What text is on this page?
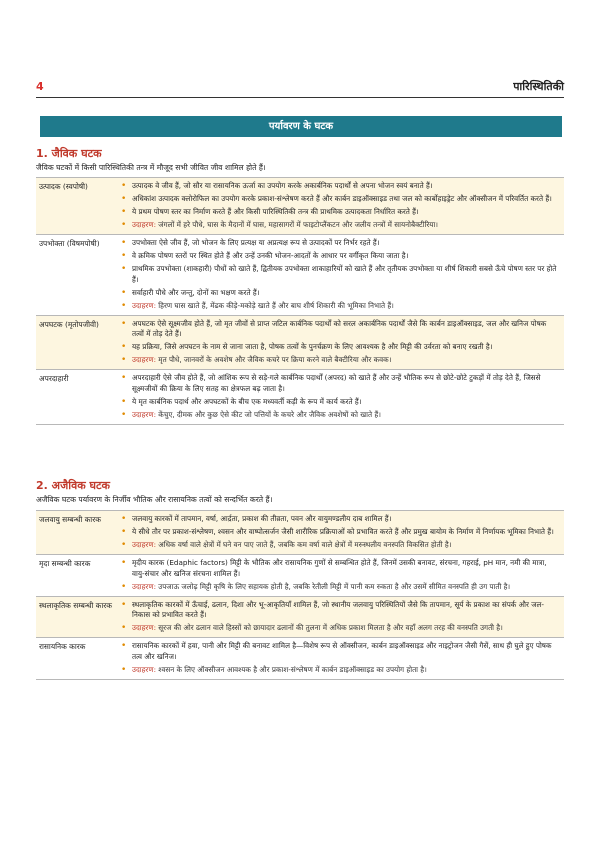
4	पारिस्थितिकी
पर्यावरण के घटक
1. जैविक घटक
जैविक घटकों में किसी पारिस्थितिकी तन्त्र में मौजूद सभी जीवित जीव शामिल होते हैं।
उत्पादक (स्वपोषी)	• उत्पादक वे जीव हैं, जो सौर या रासायनिक ऊर्जा का उपयोग करके अकार्बनिक पदार्थों से अपना भोजन स्वयं बनाते हैं।
• अधिकांश उत्पादक क्लोरोफिल का उपयोग करके प्रकाश-संश्लेषण करते हैं और कार्बन डाइऑक्साइड तथा जल को कार्बोहाइड्रेट और ऑक्सीजन में परिवर्तित करते हैं।
• ये प्रथम पोषण स्तर का निर्माण करते हैं और किसी पारिस्थितिकी तन्त्र की प्राथमिक उत्पादकता निर्धारित करते हैं।
• उदाहरण: जंगलों में हरे पौधे, घास के मैदानों में घास, महासागरों में फाइटोप्लैंकटन और जलीय तन्त्रों में सायनोबैक्टीरिया।
उपभोक्ता (विषमपोषी)	• उपभोक्ता ऐसे जीव हैं, जो भोजन के लिए प्रत्यक्ष या अप्रत्यक्ष रूप से उत्पादकों पर निर्भर रहते हैं।
• वे क्रमिक पोषण स्तरों पर स्थित होते हैं और उन्हें उनकी भोजन-आदतों के आधार पर वर्गीकृत किया जाता है।
• प्राथमिक उपभोक्ता (शाकहारी) पौधों को खाते हैं, द्वितीयक उपभोक्ता शाकाहारियों को खाते हैं और तृतीयक उपभोक्ता या शीर्ष शिकारी सबसे ऊँचे पोषण स्तर पर होते हैं।
• सर्वाहारी पौधे और जन्तु, दोनों का भक्षण करते हैं।
• उदाहरण: हिरण घास खाते हैं, मेंढक कीड़े-मकोड़े खाते हैं और बाघ शीर्ष शिकारी की भूमिका निभाते हैं।
अपघटक (मृतोपजीवी)	• अपघटक ऐसे सूक्ष्मजीव होते हैं, जो मृत जीवों से प्राप्त जटिल कार्बनिक पदार्थों को सरल अकार्बनिक पदार्थों जैसे कि कार्बन डाइऑक्साइड, जल और खनिज पोषक तत्वों में तोड़ देते हैं।
• यह प्रक्रिया, जिसे अपघटन के नाम से जाना जाता है, पोषक तत्वों के पुनर्चक्रण के लिए आवश्यक है और मिट्टी की उर्वरता को बनाए रखती है।
• उदाहरण: मृत पौधे, जानवरों के अवशेष और जैविक कचरे पर क्रिया करने वाले बैक्टीरिया और कवक।
अपरदाहारी	• अपरदाहारी ऐसे जीव होते हैं, जो आंशिक रूप से सड़े-गले कार्बनिक पदार्थों (अपरद) को खाते हैं और उन्हें भौतिक रूप से छोटे-छोटे टुकड़ों में तोड़ देते हैं, जिससे सूक्ष्मजीवों की क्रिया के लिए सतह का क्षेत्रफल बढ़ जाता है।
• ये मृत कार्बनिक पदार्थ और अपघटकों के बीच एक मध्यवर्ती कड़ी के रूप में कार्य करते हैं।
• उदाहरण: केंचुए, दीमक और कुछ ऐसे कीट जो पत्तियों के कचरे और जैविक अवशेषों को खाते हैं।
2. अजैविक घटक
अजैविक घटक पर्यावरण के निर्जीव भौतिक और रासायनिक तत्वों को सन्दर्भित करते हैं।
जलवायु सम्बन्धी कारक	• जलवायु कारकों में तापमान, वर्षा, आर्द्रता, प्रकाश की तीव्रता, पवन और वायुमण्डलीय दाब शामिल हैं।
• ये सीधे तौर पर प्रकाश-संश्लेषण, श्वसन और वाष्पोत्सर्जन जैसी शारीरिक प्रक्रियाओं को प्रभावित करते हैं और प्रमुख बायोम के निर्माण में निर्णायक भूमिका निभाते हैं।
• उदाहरण: अधिक वर्षा वाले क्षेत्रों में घने वन पाए जाते हैं, जबकि कम वर्षा वाले क्षेत्रों में मरुस्थलीय वनस्पति विकसित होती है।
मृदा सम्बन्धी कारक	• मृदीय कारक (Edaphic factors) मिट्टी के भौतिक और रासायनिक गुणों से सम्बन्धित होते हैं, जिनमें उसकी बनावट, संरचना, गहराई, pH मान, नमी की मात्रा, वायु-संचार और खनिज संरचना शामिल हैं।
• उदाहरण: उपजाऊ जलोढ़ मिट्टी कृषि के लिए सहायक होती है, जबकि रेतीली मिट्टी में पानी कम रुकता है और उसमें सीमित वनस्पति ही उग पाती है।
स्थलाकृतिक सम्बन्धी कारक	• स्थलाकृतिक कारकों में ऊँचाई, ढलान, दिशा और भू-आकृतियाँ शामिल हैं, जो स्थानीय जलवायु परिस्थितियों जैसे कि तापमान, सूर्य के प्रकाश का संपर्क और जल-निकास को प्रभावित करते हैं।
• उदाहरण: सूरज की ओर ढलान वाले हिस्सों को छायादार ढलानों की तुलना में अधिक प्रकाश मिलता है और वहाँ अलग तरह की वनस्पति उगती है।
रासायनिक कारक	• रासायनिक कारकों में हवा, पानी और मिट्टी की बनावट शामिल है—विशेष रूप से ऑक्सीजन, कार्बन डाइऑक्साइड और नाइट्रोजन जैसी गैसें, साथ ही घुले हुए पोषक तत्व और खनिज।
• उदाहरण: श्वसन के लिए ऑक्सीजन आवश्यक है और प्रकाश-संश्लेषण में कार्बन डाइऑक्साइड का उपयोग होता है।
